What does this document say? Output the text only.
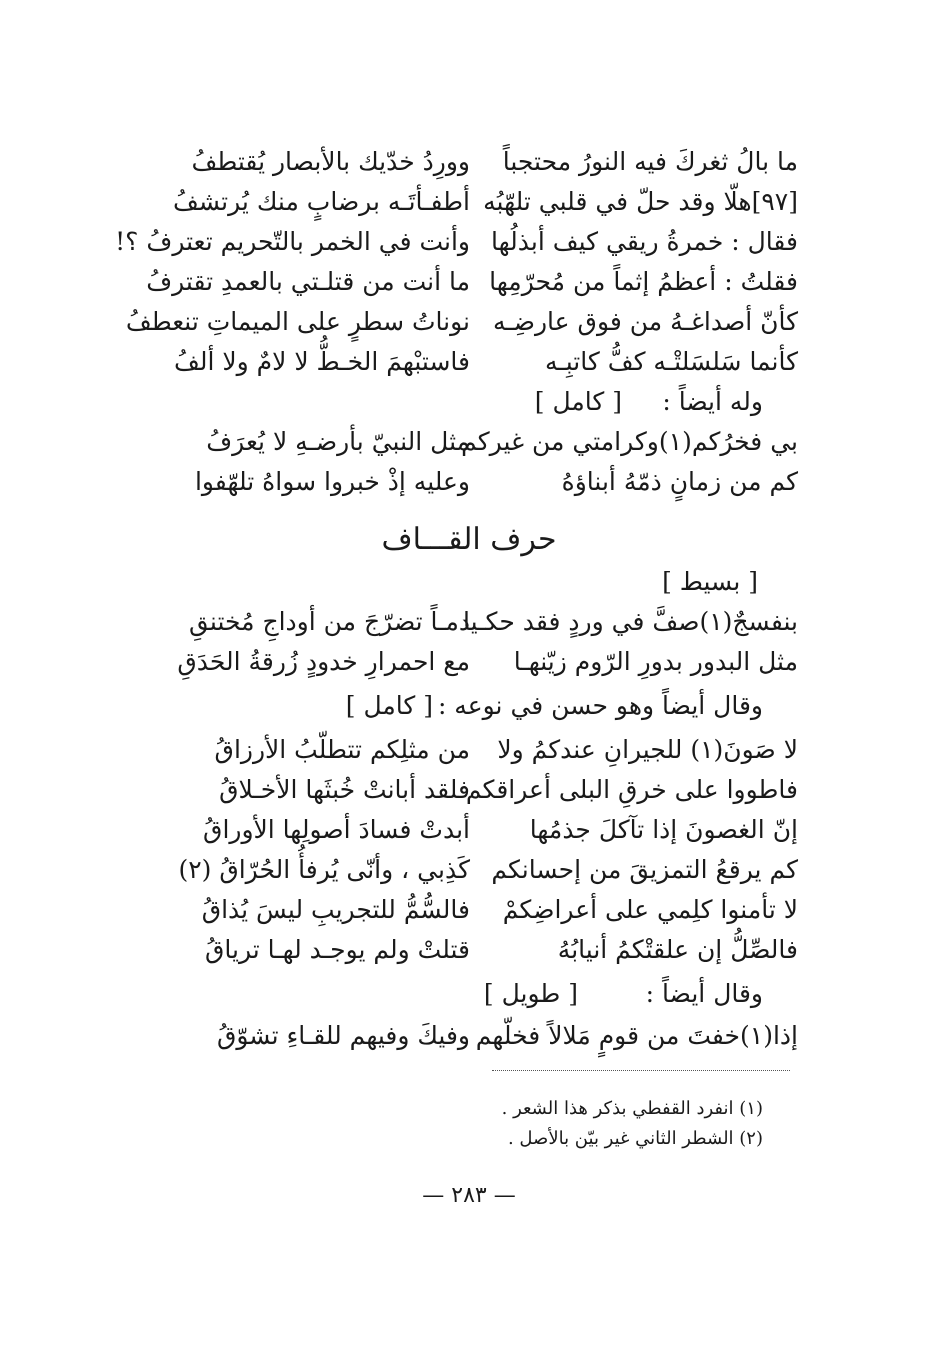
ما بالُ ثغركَ فيه النورُ محتجباً
وورِدُ خدّيك بالأبصار يُقتطفُ
[٩٧]هلّا وقد حلّ في قلبي تلهّبُه
أطفـأتَـه برضابٍ منك يُرتشفُ
فقال : خمرةُ ريقي كيف أبذلُها
وأنت في الخمر بالتّحريم تعترفُ ؟!
فقلتُ : أعظمُ إثماً من مُحرّمِها
ما أنت من قتلـتي بالعمدِ تقترفُ
كأنّ أصداغـهُ من فوق عارضِـه
نوناتُ سطرٍ على الميماتِ تنعطفُ
كأنما سَلسَلتْـه كفُّ كاتبِـه
فاستبْهمَ الخـطُّ لا لامٌ ولا ألفُ
وله أيضاً :
[ كامل ]
بي فخرُكم(١)وكرامتي من غيركم
مثل النبيّ بأرضـهِ لا يُعرَفُ
كم من زمانٍ ذمّهُ أبناؤهُ
وعليه إذْ خبروا سواهُ تلهّفوا
حرف القـــاف
[ بسيط ]
بنفسجٌ(١)صفَّ في وردٍ فقد حكـيا
دمـاً تضرّجَ من أوداجِ مُختنقِ
مثل البدور بدورِ الرّوم زيّنهـا
مع احمرارِ خدودٍ زُرقةُ الحَدَقِ
وقال أيضاً وهو حسن في نوعه :
[ كامل ]
لا صَونَ(١) للجيرانِ عندكمُ ولا
من مثلِكم تتطلّبُ الأرزاقُ
فاطووا على خرقِ البلى أعراقكم
فلقد أبانتْ خُبثَها الأخـلاقُ
إنّ الغصونَ إذا تآكلَ جذمُها
أبدتْ فسادَ أصولِها الأوراقُ
كم يرقعُ التمزيقَ من إحسانكم
كَذِبي ، وأنّى يُرفأُ الحُرّاقُ (٢)
لا تأمنوا كلِمي على أعراضِكمْ
فالسُّمُّ للتجريبِ ليسَ يُذاقُ
فالصِّلُّ إن علقتْكمُ أنيابُهُ
قتلتْ ولم يوجـد لهـا ترياقُ
وقال أيضاً :
[ طويل ]
إذا(١)خفتَ من قومٍ مَلالاً فخلّهم
وفيكَ وفيهم للقـاءِ تشوّقُ
(١) انفرد القفطي بذكر هذا الشعر .
(٢) الشطر الثاني غير بيّن بالأصل .
— ٢٨٣ —
